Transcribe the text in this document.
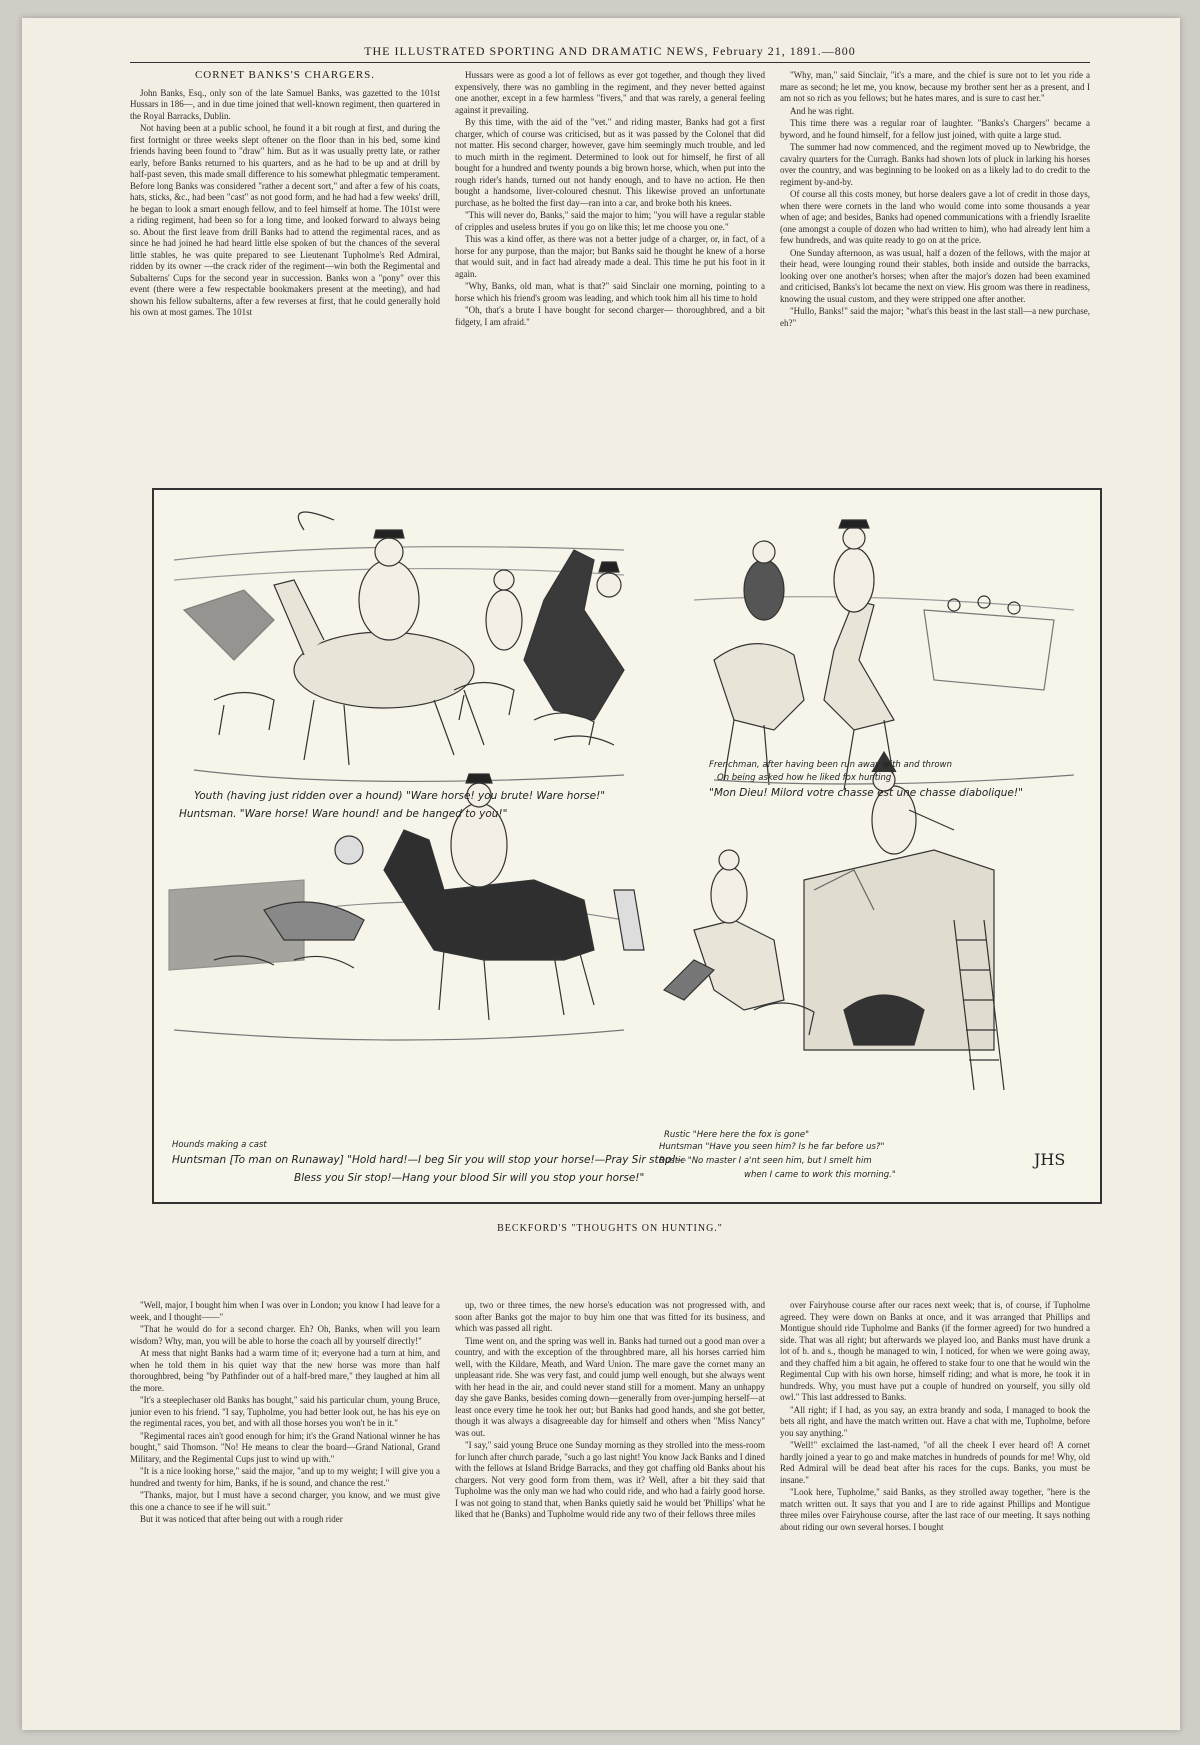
THE ILLUSTRATED SPORTING AND DRAMATIC NEWS, February 21, 1891.—800
CORNET BANKS'S CHARGERS.

John Banks, Esq., only son of the late Samuel Banks, was gazetted to the 101st Hussars in 186—, and in due time joined that well-known regiment, then quartered in the Royal Barracks, Dublin.

Not having been at a public school, he found it a bit rough at first, and during the first fortnight or three weeks slept oftener on the floor than in his bed, some kind friends having been found to "draw" him. But as it was usually pretty late, or rather early, before Banks returned to his quarters, and as he had to be up and at drill by half-past seven, this made small difference to his somewhat phlegmatic temperament. Before long Banks was considered "rather a decent sort," and after a few of his coats, hats, sticks, &c., had been "cast" as not good form, and he had had a few weeks' drill, he began to look a smart enough fellow, and to feel himself at home. The 101st were a riding regiment, had been so for a long time, and looked forward to always being so. About the first leave from drill Banks had to attend the regimental races, and as since he had joined he had heard little else spoken of but the chances of the several little stables, he was quite prepared to see Lieutenant Tupholme's Red Admiral, ridden by its owner —the crack rider of the regiment—win both the Regimental and Subalterns' Cups for the second year in succession. Banks won a "pony" over this event (there were a few respectable bookmakers present at the meeting), and had shown his fellow subalterns, after a few reverses at first, that he could generally hold his own at most games. The 101st

Hussars were as good a lot of fellows as ever got together, and though they lived expensively, there was no gambling in the regiment, and they never betted against one another, except in a few harmless "fivers," and that was rarely, a general feeling against it prevailing.

By this time, with the aid of the "vet." and riding master, Banks had got a first charger, which of course was criticised, but as it was passed by the Colonel that did not matter. His second charger, however, gave him seemingly much trouble, and led to much mirth in the regiment. Determined to look out for himself, he first of all bought for a hundred and twenty pounds a big brown horse, which, when put into the rough rider's hands, turned out not handy enough, and to have no action. He then bought a handsome, liver-coloured chesnut. This likewise proved an unfortunate purchase, as he bolted the first day—ran into a car, and broke both his knees.

"This will never do, Banks," said the major to him; "you will have a regular stable of cripples and useless brutes if you go on like this; let me choose you one."

This was a kind offer, as there was not a better judge of a charger, or, in fact, of a horse for any purpose, than the major; but Banks said he thought he knew of a horse that would suit, and in fact had already made a deal. This time he put his foot in it again.

"Why, Banks, old man, what is that?" said Sinclair one morning, pointing to a horse which his friend's groom was leading, and which took him all his time to hold

"Oh, that's a brute I have bought for second charger— thoroughbred, and a bit fidgety, I am afraid."

"Why, man," said Sinclair, "it's a mare, and the chief is sure not to let you ride a mare as second; he let me, you know, because my brother sent her as a present, and I am not so rich as you fellows; but he hates mares, and is sure to cast her."

And he was right.

This time there was a regular roar of laughter. "Banks's Chargers" became a byword, and he found himself, for a fellow just joined, with quite a large stud.

The summer had now commenced, and the regiment moved up to Newbridge, the cavalry quarters for the Curragh. Banks had shown lots of pluck in larking his horses over the country, and was beginning to be looked on as a likely lad to do credit to the regiment by-and-by.

Of course all this costs money, but horse dealers gave a lot of credit in those days, when there were cornets in the land who would come into some thousands a year when of age; and besides, Banks had opened communications with a friendly Israelite (one amongst a couple of dozen who had written to him), who had already lent him a few hundreds, and was quite ready to go on at the price.

One Sunday afternoon, as was usual, half a dozen of the fellows, with the major at their head, were lounging round their stables, both inside and outside the barracks, looking over one another's horses; when after the major's dozen had been examined and criticised, Banks's lot became the next on view. His groom was there in readiness, knowing the usual custom, and they were stripped one after another.

"Hullo, Banks!" said the major; "what's this beast in the last stall—a new purchase, eh?"

Youth (having just ridden over a hound) "Ware horse! you brute! Ware horse!"
Huntsman. "Ware horse! Ware hound! and be hanged to you!"
Frenchman, after having been run away with and thrown
On being asked how he liked fox hunting
"Mon Dieu! Milord votre chasse est une chasse diabolique!"
Hounds making a cast
Huntsman [To man on Runaway] "Hold hard!—I beg Sir you will stop your horse!—Pray Sir stop!—
Bless you Sir stop!—Hang your blood Sir will you stop your horse!"
Rustic "Here here the fox is gone"
Huntsman "Have you seen him? Is he far before us?"
Rustic "No master I a'nt seen him, but I smelt him
when I came to work this morning."
JHS
BECKFORD'S "THOUGHTS ON HUNTING."

"Well, major, I bought him when I was over in London; you know I had leave for a week, and I thought——"

"That he would do for a second charger. Eh? Oh, Banks, when will you learn wisdom? Why, man, you will be able to horse the coach all by yourself directly!"

At mess that night Banks had a warm time of it; everyone had a turn at him, and when he told them in his quiet way that the new horse was more than half thoroughbred, being "by Pathfinder out of a half-bred mare," they laughed at him all the more.

"It's a steeplechaser old Banks has bought," said his particular chum, young Bruce, junior even to his friend. "I say, Tupholme, you had better look out, he has his eye on the regimental races, you bet, and with all those horses you won't be in it."

"Regimental races ain't good enough for him; it's the Grand National winner he has bought," said Thomson. "No! He means to clear the board—Grand National, Grand Military, and the Regimental Cups just to wind up with."

"It is a nice looking horse," said the major, "and up to my weight; I will give you a hundred and twenty for him, Banks, if he is sound, and chance the rest."

"Thanks, major, but I must have a second charger, you know, and we must give this one a chance to see if he will suit."

But it was noticed that after being out with a rough rider

up, two or three times, the new horse's education was not progressed with, and soon after Banks got the major to buy him one that was fitted for its business, and which was passed all right.

Time went on, and the spring was well in. Banks had turned out a good man over a country, and with the exception of the throughbred mare, all his horses carried him well, with the Kildare, Meath, and Ward Union. The mare gave the cornet many an unpleasant ride. She was very fast, and could jump well enough, but she always went with her head in the air, and could never stand still for a moment. Many an unhappy day she gave Banks, besides coming down—generally from over-jumping herself—at least once every time he took her out; but Banks had good hands, and she got better, though it was always a disagreeable day for himself and others when "Miss Nancy" was out.

"I say," said young Bruce one Sunday morning as they strolled into the mess-room for lunch after church parade, "such a go last night! You know Jack Banks and I dined with the fellows at Island Bridge Barracks, and they got chaffing old Banks about his chargers. Not very good form from them, was it? Well, after a bit they said that Tupholme was the only man we had who could ride, and who had a fairly good horse. I was not going to stand that, when Banks quietly said he would bet 'Phillips' what he liked that he (Banks) and Tupholme would ride any two of their fellows three miles

over Fairyhouse course after our races next week; that is, of course, if Tupholme agreed. They were down on Banks at once, and it was arranged that Phillips and Montigue should ride Tupholme and Banks (if the former agreed) for two hundred a side. That was all right; but afterwards we played loo, and Banks must have drunk a lot of b. and s., though he managed to win, I noticed, for when we were going away, and they chaffed him a bit again, he offered to stake four to one that he would win the Regimental Cup with his own horse, himself riding; and what is more, he took it in hundreds. Why, you must have put a couple of hundred on yourself, you silly old owl." This last addressed to Banks.

"All right; if I had, as you say, an extra brandy and soda, I managed to book the bets all right, and have the match written out. Have a chat with me, Tupholme, before you say anything."

"Well!" exclaimed the last-named, "of all the cheek I ever heard of! A cornet hardly joined a year to go and make matches in hundreds of pounds for me! Why, old Red Admiral will be dead beat after his races for the cups. Banks, you must be insane."

"Look here, Tupholme," said Banks, as they strolled away together, "here is the match written out. It says that you and I are to ride against Phillips and Montigue three miles over Fairyhouse course, after the last race of our meeting. It says nothing about riding our own several horses. I bought
